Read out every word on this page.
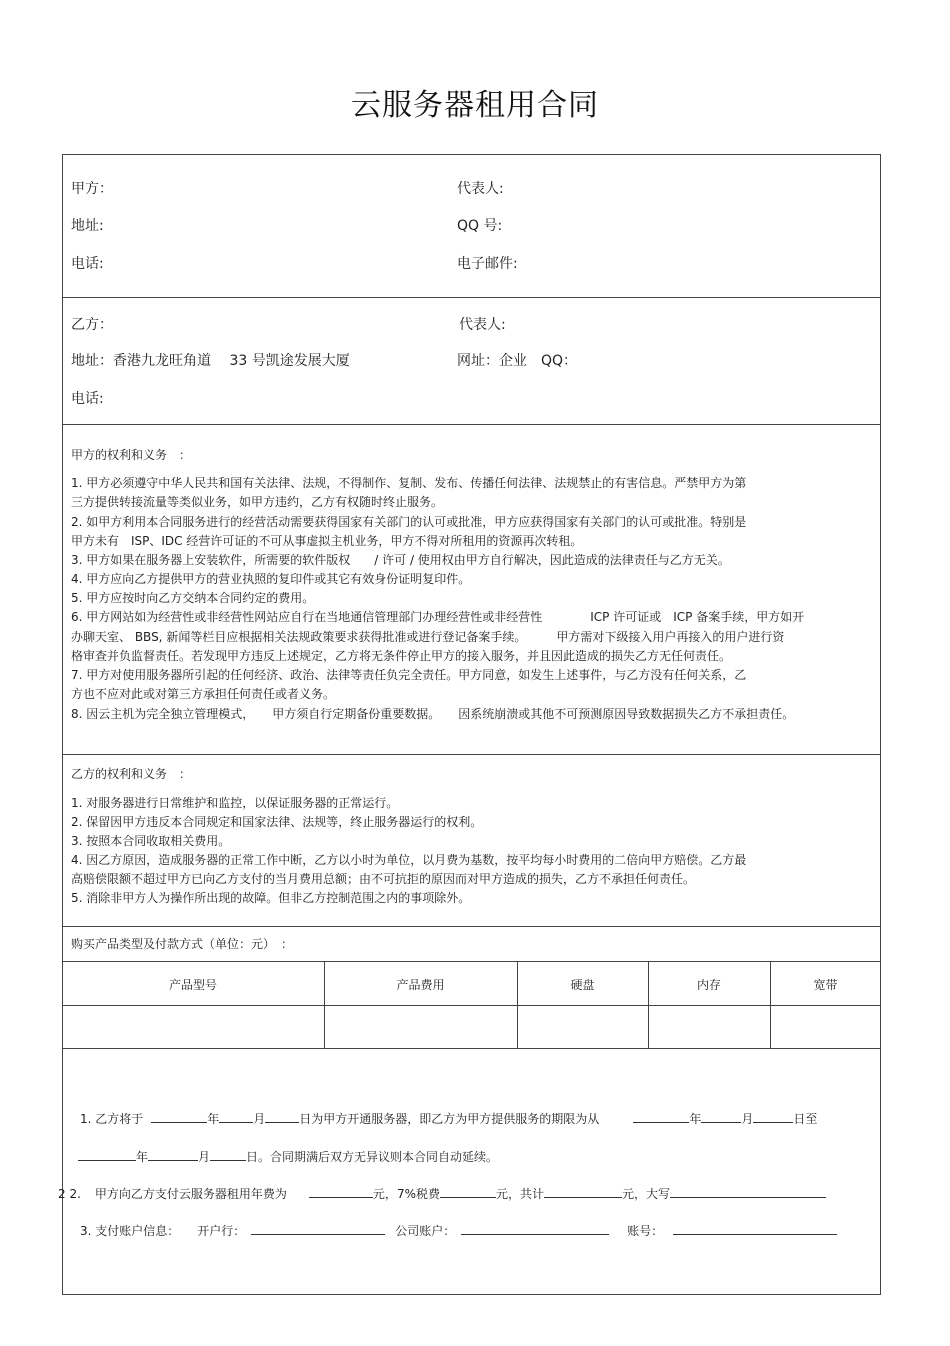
云服务器租用合同
甲方：	代表人:
地址:	QQ 号:
电话:	电子邮件:
乙方：	代表人:
地址：香港九龙旺角道　 33 号凯途发展大厦	网址：企业　QQ：
电话:
甲方的权利和义务　：
1. 甲方必须遵守中华人民共和国有关法律、法规，不得制作、复制、发布、传播任何法律、法规禁止的有害信息。严禁甲方为第
三方提供转接流量等类似业务，如甲方违约，乙方有权随时终止服务。
2. 如甲方利用本合同服务进行的经营活动需要获得国家有关部门的认可或批准，甲方应获得国家有关部门的认可或批准。特别是
甲方未有　ISP、IDC 经营许可证的不可从事虚拟主机业务，甲方不得对所租用的资源再次转租。
3. 甲方如果在服务器上安装软件，所需要的软件版权　　/ 许可 / 使用权由甲方自行解决，因此造成的法律责任与乙方无关。
4. 甲方应向乙方提供甲方的营业执照的复印件或其它有效身份证明复印件。
5. 甲方应按时向乙方交纳本合同约定的费用。
6. 甲方网站如为经营性或非经营性网站应自行在当地通信管理部门办理经营性或非经营性　　　　ICP 许可证或　ICP 备案手续，甲方如开
办聊天室、 BBS, 新闻等栏目应根据相关法规政策要求获得批准或进行登记备案手续。　　　甲方需对下级接入用户再接入的用户进行资
格审查并负监督责任。若发现甲方违反上述规定，乙方将无条件停止甲方的接入服务，并且因此造成的损失乙方无任何责任。
7. 甲方对使用服务器所引起的任何经济、政治、法律等责任负完全责任。甲方同意，如发生上述事件，与乙方没有任何关系，乙
方也不应对此或对第三方承担任何责任或者义务。
8. 因云主机为完全独立管理模式，　　甲方须自行定期备份重要数据。　　因系统崩溃或其他不可预测原因导致数据损失乙方不承担责任。
乙方的权利和义务　：
1. 对服务器进行日常维护和监控，以保证服务器的正常运行。
2. 保留因甲方违反本合同规定和国家法律、法规等，终止服务器运行的权利。
3. 按照本合同收取相关费用。
4. 因乙方原因，造成服务器的正常工作中断，乙方以小时为单位，以月费为基数，按平均每小时费用的二倍向甲方赔偿。乙方最
高赔偿限额不超过甲方已向乙方支付的当月费用总额；由不可抗拒的原因而对甲方造成的损失，乙方不承担任何责任。
5. 消除非甲方人为操作所出现的故障。但非乙方控制范围之内的事项除外。
购买产品类型及付款方式（单位：元）　：
产品型号	产品费用	硬盘	内存	宽带
1. 乙方将于	年	月	日为甲方开通服务器，即乙方为甲方提供服务的期限为从	年	月	日至
年	月	日。合同期满后双方无异议则本合同自动延续。
2 2. 甲方向乙方支付云服务器租用年费为	元，7%税费	元，共计	元，大写
3. 支付账户信息： 开户行：	公司账户：	账号：
